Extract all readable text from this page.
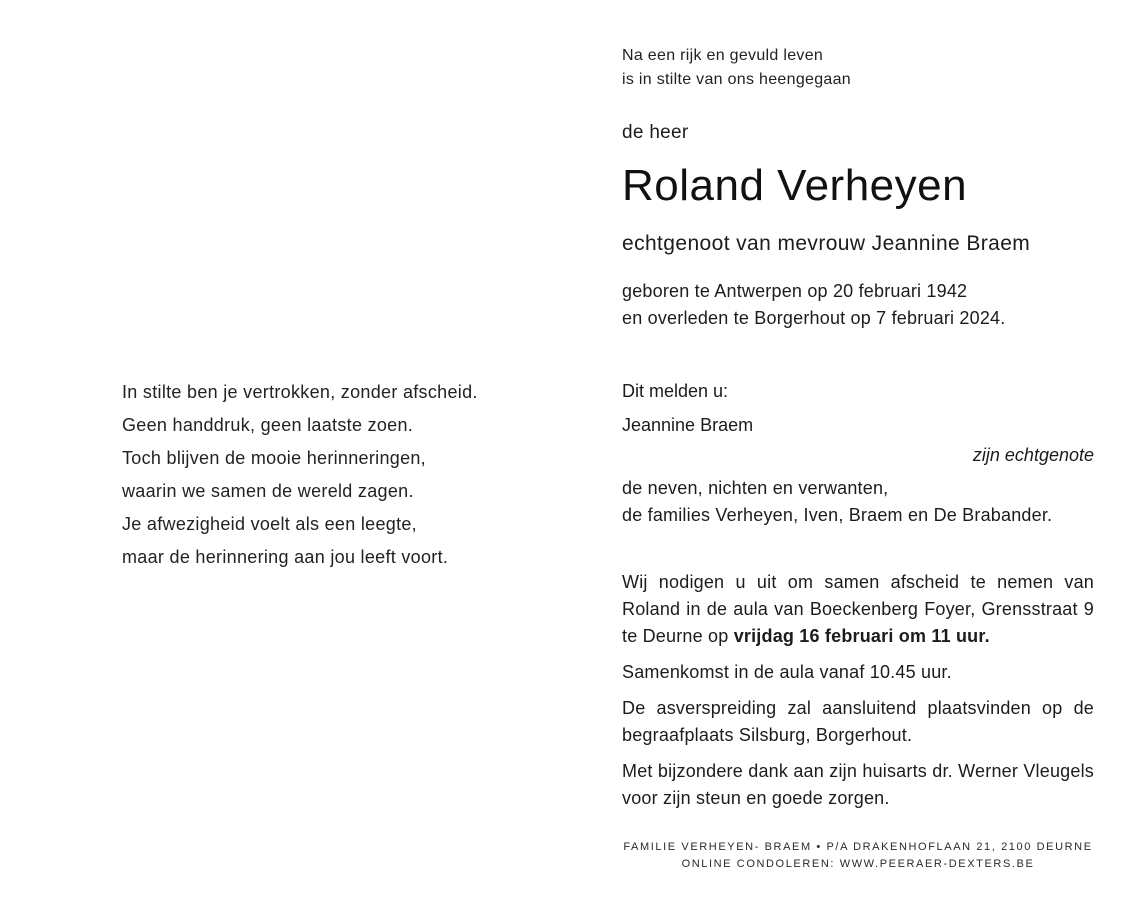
In stilte ben je vertrokken, zonder afscheid.
Geen handdruk, geen laatste zoen.
Toch blijven de mooie herinneringen,
waarin we samen de wereld zagen.
Je afwezigheid voelt als een leegte,
maar de herinnering aan jou leeft voort.
Na een rijk en gevuld leven
is in stilte van ons heengegaan
de heer
Roland Verheyen
echtgenoot van mevrouw Jeannine Braem
geboren te Antwerpen op 20 februari 1942
en overleden te Borgerhout op 7 februari 2024.
Dit melden u:
Jeannine Braem
zijn echtgenote
de neven, nichten en verwanten,
de families Verheyen, Iven, Braem en De Brabander.
Wij nodigen u uit om samen afscheid te nemen van Roland in de aula van Boeckenberg Foyer, Grensstraat 9 te Deurne op vrijdag 16 februari om 11 uur.
Samenkomst in de aula vanaf 10.45 uur.
De asverspreiding zal aansluitend plaatsvinden op de begraafplaats Silsburg, Borgerhout.
Met bijzondere dank aan zijn huisarts dr. Werner Vleugels voor zijn steun en goede zorgen.
FAMILIE VERHEYEN- BRAEM • P/A DRAKENHOFLAAN 21, 2100 DEURNE
ONLINE CONDOLEREN: WWW.PEERAER-DEXTERS.BE
